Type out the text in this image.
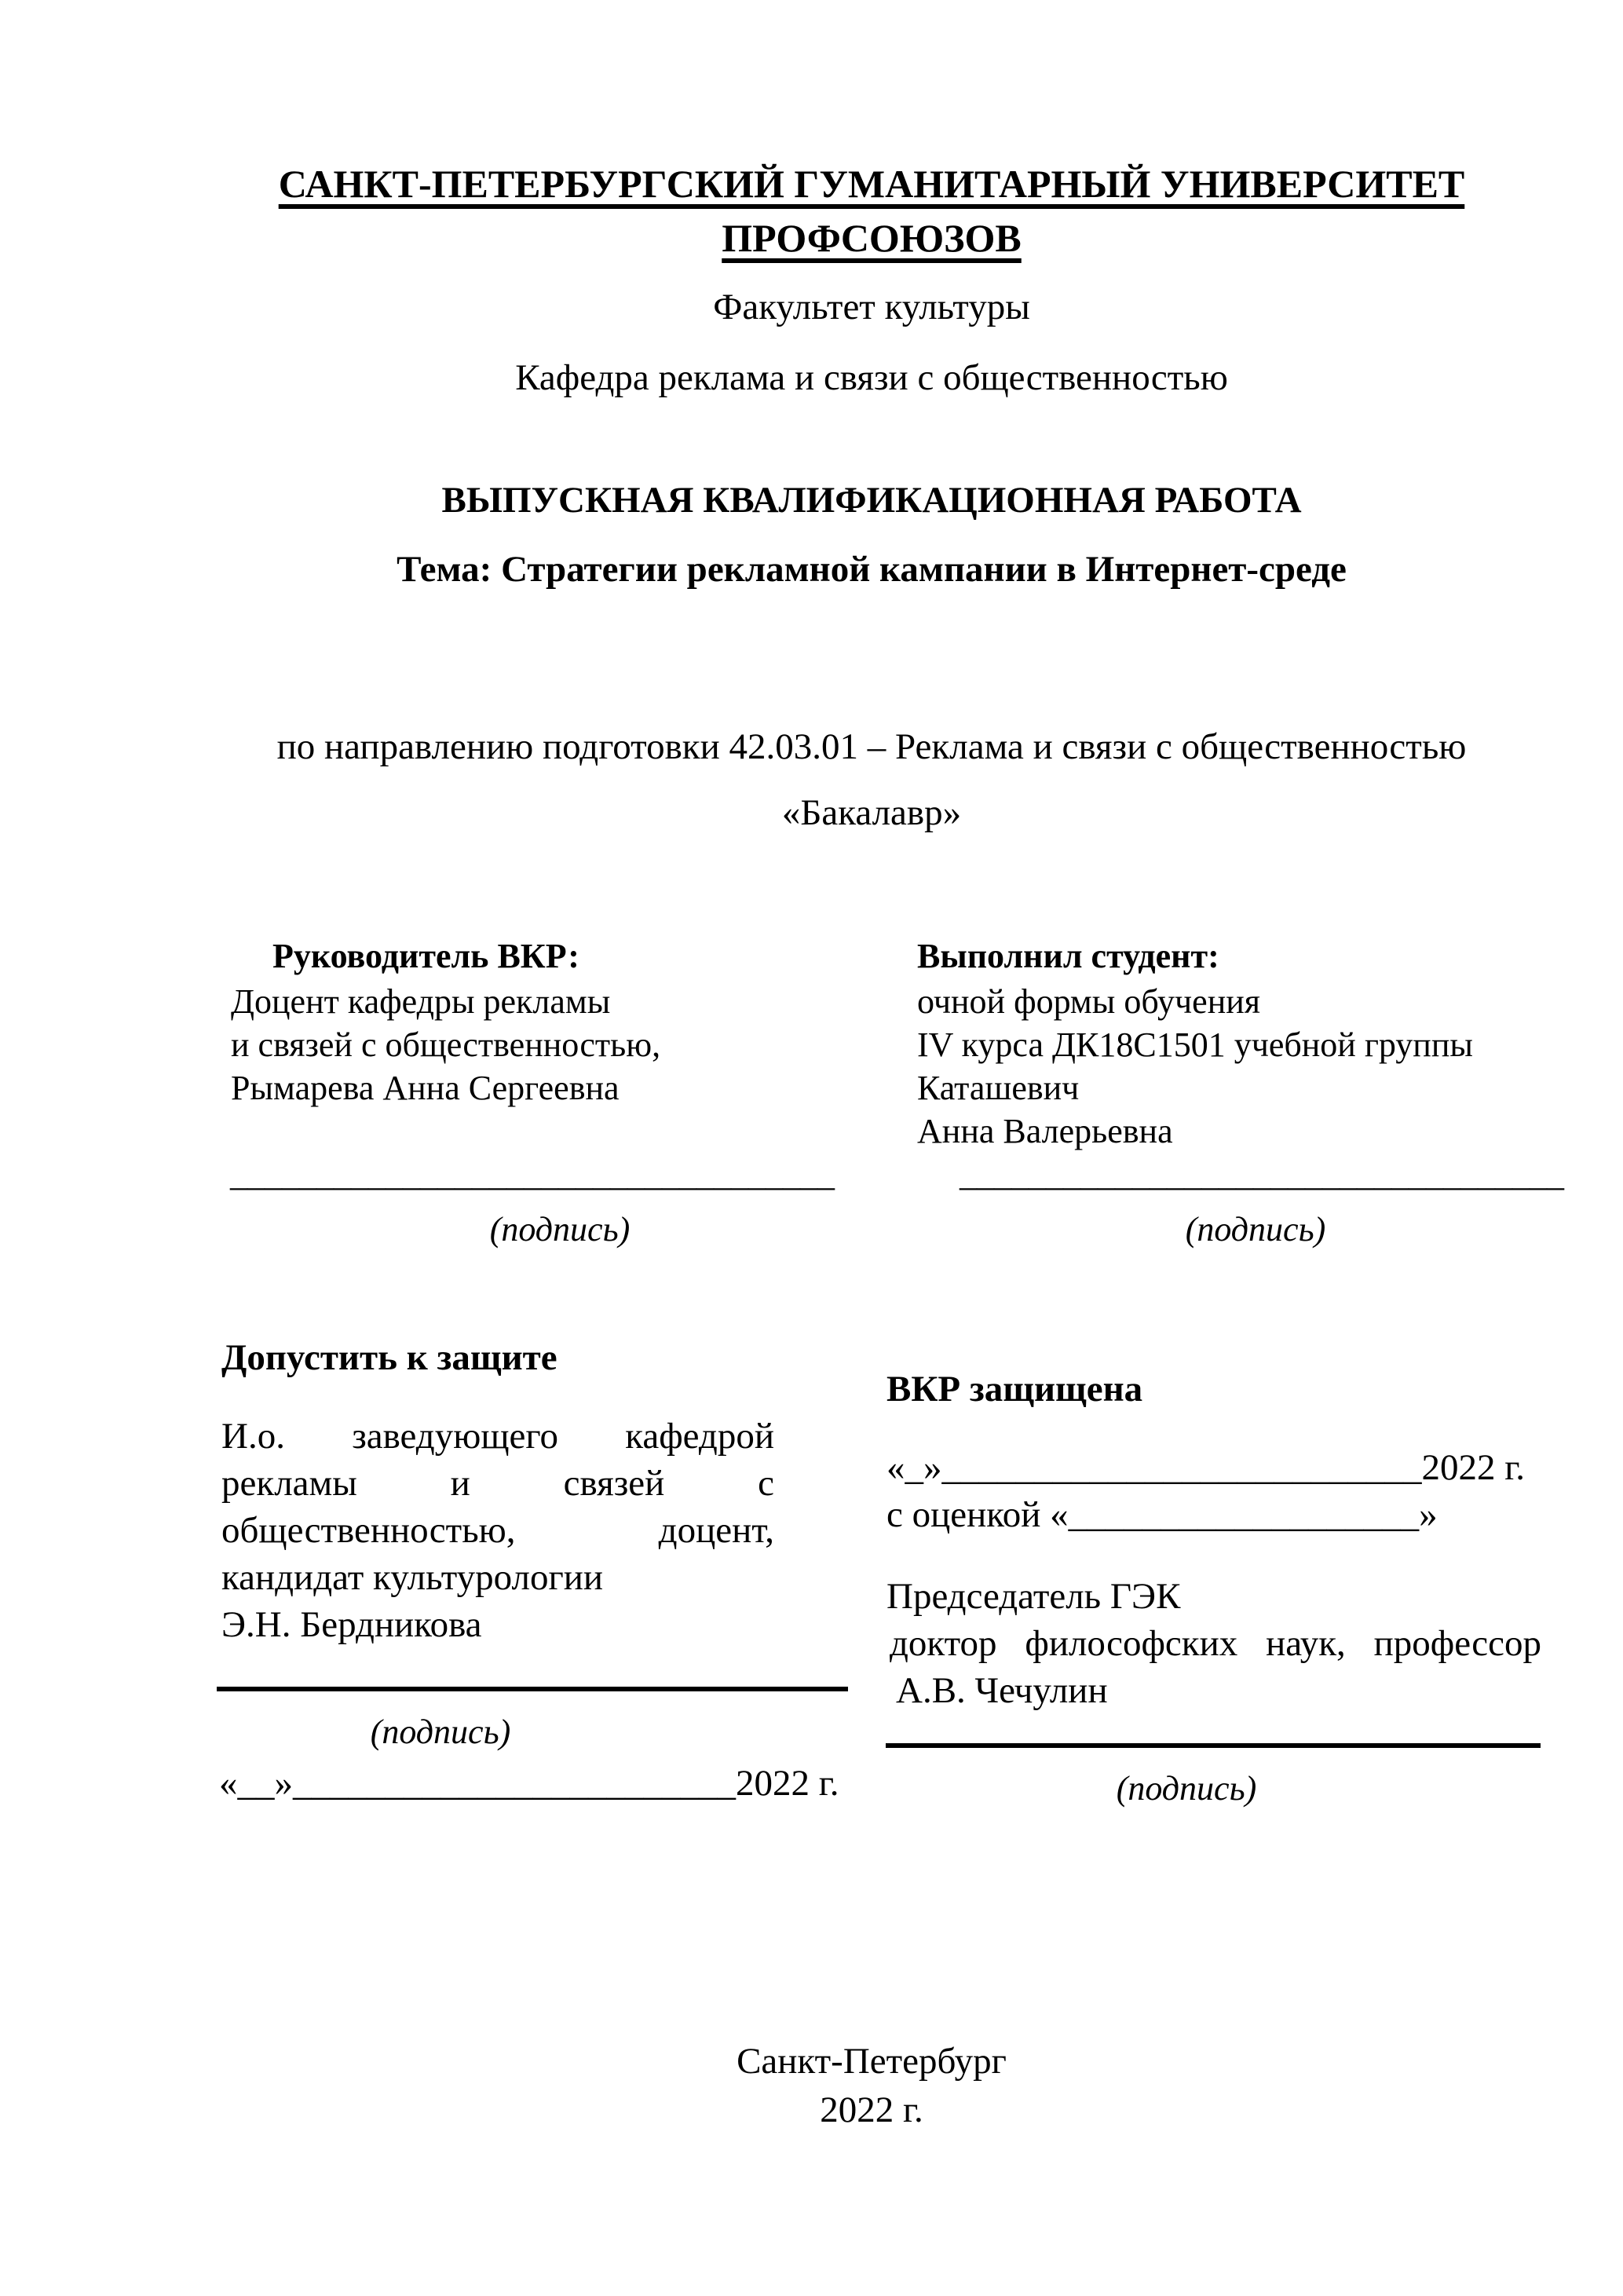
САНКТ-ПЕТЕРБУРГСКИЙ ГУМАНИТАРНЫЙ УНИВЕРСИТЕТ
ПРОФСОЮЗОВ
Факультет культуры
Кафедра реклама и связи с общественностью
ВЫПУСКНАЯ КВАЛИФИКАЦИОННАЯ РАБОТА
Тема: Стратегии рекламной кампании в Интернет-среде
по направлению подготовки 42.03.01 – Реклама и связи с общественностью
«Бакалавр»
Руководитель ВКР:
Доцент кафедры рекламы
и связей с общественностью,
Рымарева Анна Сергеевна
Выполнил студент:
очной формы обучения
IV курса ДК18С1501 учебной группы
Каташевич
Анна Валерьевна
___________________________________	___________________________________
(подпись)	(подпись)
Допустить к защите
И.о. заведующего кафедрой
рекламы и связей с
общественностью, доцент,
кандидат культурологии
Э.Н. Бердникова
(подпись)
«__»________________________2022 г.
ВКР защищена
«_»__________________________2022 г.
с оценкой «___________________»
Председатель ГЭК
доктор философских наук, профессор
А.В. Чечулин
(подпись)
Санкт-Петербург
2022 г.
